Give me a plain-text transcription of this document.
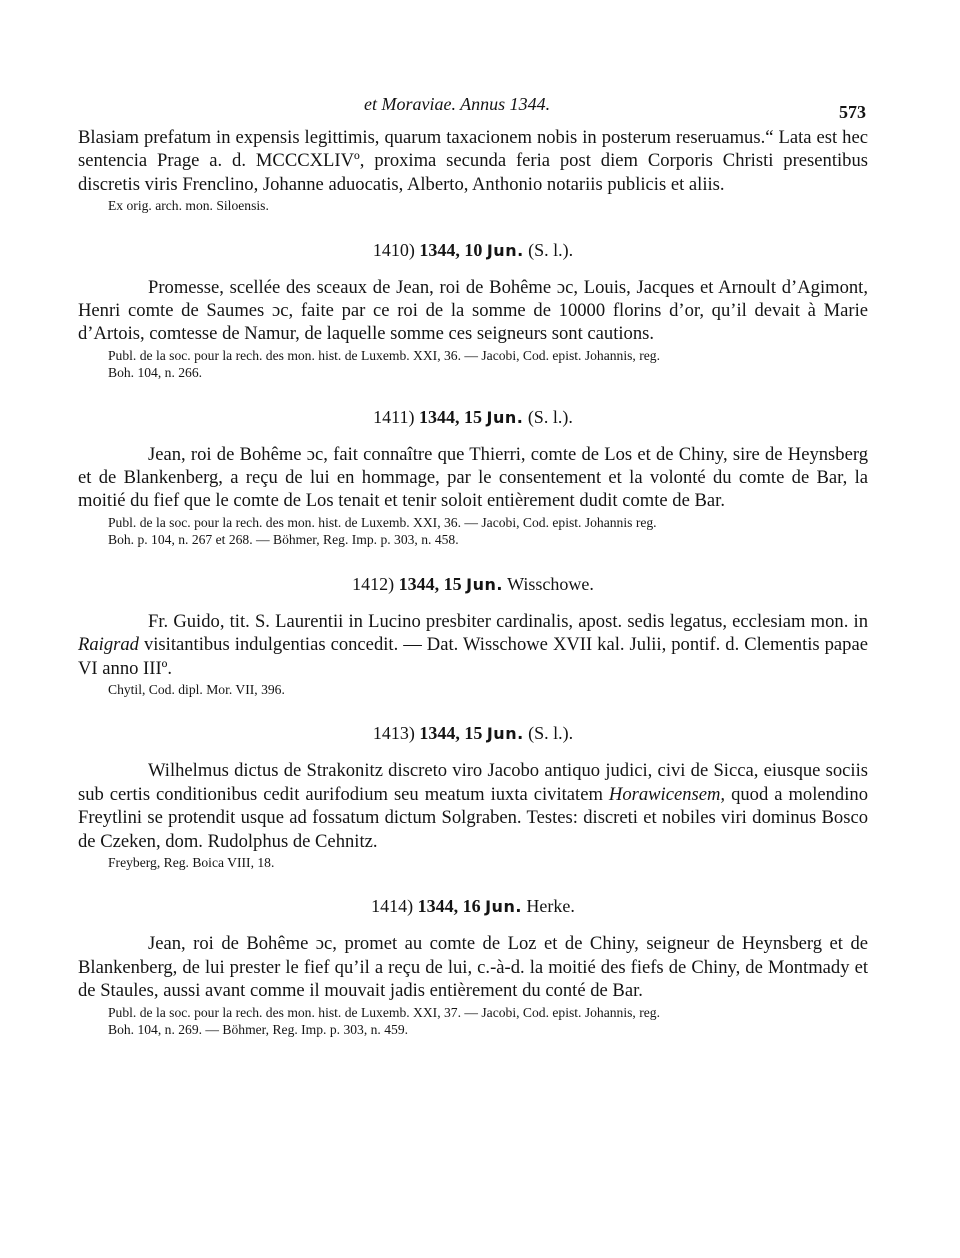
et Moraviae. Annus 1344.	573

Blasiam prefatum in expensis legittimis, quarum taxacionem nobis in posterum reseruamus.“ Lata est hec sentencia Prage a. d. MCCCXLIVº, proxima secunda feria post diem Corporis Christi presentibus discretis viris Frenclino, Johanne aduocatis, Alberto, Anthonio notariis publicis et aliis.

Ex orig. arch. mon. Siloensis.

1410) 1344, 10 Jun. (S. l.).

Promesse, scellée des sceaux de Jean, roi de Bohême ɔc, Louis, Jacques et Arnoult d’Agimont, Henri comte de Saumes ɔc, faite par ce roi de la somme de 10000 florins d’or, qu’il devait à Marie d’Artois, comtesse de Namur, de laquelle somme ces seigneurs sont cautions.

Publ. de la soc. pour la rech. des mon. hist. de Luxemb. XXI, 36. — Jacobi, Cod. epist. Johannis, reg.
Boh. 104, n. 266.

1411) 1344, 15 Jun. (S. l.).

Jean, roi de Bohême ɔc, fait connaître que Thierri, comte de Los et de Chiny, sire de Heynsberg et de Blankenberg, a reçu de lui en hommage, par le consentement et la volonté du comte de Bar, la moitié du fief que le comte de Los tenait et tenir soloit entièrement dudit comte de Bar.

Publ. de la soc. pour la rech. des mon. hist. de Luxemb. XXI, 36. — Jacobi, Cod. epist. Johannis reg.
Boh. p. 104, n. 267 et 268. — Böhmer, Reg. Imp. p. 303, n. 458.

1412) 1344, 15 Jun. Wisschowe.

Fr. Guido, tit. S. Laurentii in Lucino presbiter cardinalis, apost. sedis legatus, ecclesiam mon. in Raigrad visitantibus indulgentias concedit. — Dat. Wisschowe XVII kal. Julii, pontif. d. Clementis papae VI anno IIIº.

Chytil, Cod. dipl. Mor. VII, 396.

1413) 1344, 15 Jun. (S. l.).

Wilhelmus dictus de Strakonitz discreto viro Jacobo antiquo judici, civi de Sicca, eiusque sociis sub certis conditionibus cedit aurifodium seu meatum iuxta civitatem Horawicensem, quod a molendino Freytlini se protendit usque ad fossatum dictum Solgraben. Testes: discreti et nobiles viri dominus Bosco de Czeken, dom. Rudolphus de Cehnitz.

Freyberg, Reg. Boica VIII, 18.

1414) 1344, 16 Jun. Herke.

Jean, roi de Bohême ɔc, promet au comte de Loz et de Chiny, seigneur de Heynsberg et de Blankenberg, de lui prester le fief qu’il a reçu de lui, c.-à-d. la moitié des fiefs de Chiny, de Montmady et de Staules, aussi avant comme il mouvait jadis entièrement du conté de Bar.

Publ. de la soc. pour la rech. des mon. hist. de Luxemb. XXI, 37. — Jacobi, Cod. epist. Johannis, reg.
Boh. 104, n. 269. — Böhmer, Reg. Imp. p. 303, n. 459.
